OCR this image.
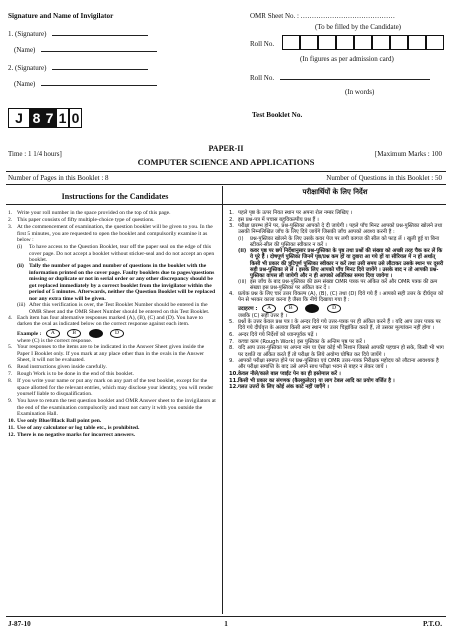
Signature and Name of Invigilator
1. (Signature)
(Name)
2. (Signature)
(Name)
OMR Sheet No. : ..........................................
(To be filled by the Candidate)
Roll No.
(In figures as per admission card)
Roll No.
(In words)
J 8 7 1 0	Test Booklet No.
Time : 1 1/4 hours]
PAPER-II
[Maximum Marks : 100
COMPUTER SCIENCE AND APPLICATIONS
Number of Pages in this Booklet : 8	Number of Questions in this Booklet : 50
Instructions for the Candidates	परीक्षार्थियों के लिए निर्देश
1. Write your roll number in the space provided on the top of this page.
2. This paper consists of fifty multiple-choice type of questions.
3. At the commencement of examination, the question booklet will be given to you. In the first 5 minutes, you are requested to open the booklet and compulsorily examine it as below :
(i)	To have access to the Question Booklet, tear off the paper seal on the edge of this cover page. Do not accept a booklet without sticker-seal and do not accept an open booklet.
(ii) Tally the number of pages and number of questions in the booklet with the information printed on the cover page. Faulty booklets due to pages/questions missing or duplicate or not in serial order or any other discrepancy should be got replaced immediately by a correct booklet from the invigilator within the period of 5 minutes. Afterwards, neither the Question Booklet will be replaced nor any extra time will be given.
(iii) After this verification is over, the Test Booklet Number should be entered in the OMR Sheet and the OMR Sheet Number should be entered on this Test Booklet.
4. Each item has four alternative responses marked (A), (B), (C) and (D). You have to darken the oval as indicated below on the correct response against each item.
Example : A	B	D
where (C) is the correct response.
5. Your responses to the items are to be indicated in the Answer Sheet given inside the Paper I Booklet only. If you mark at any place other than in the ovals in the Answer Sheet, it will not be evaluated.
6. Read instructions given inside carefully.
7. Rough Work is to be done in the end of this booklet.
8. If you write your name or put any mark on any part of the test booklet, except for the space allotted for the relevant entries, which may disclose your identity, you will render yourself liable to disqualification.
9. You have to return the test question booklet and OMR Answer sheet to the invigilators at the end of the examination compulsorily and must not carry it with you outside the Examination Hall.
10. Use only Blue/Black Ball point pen.
11. Use of any calculator or log table etc., is prohibited.
12. There is no negative marks for incorrect answers.
1. पहले पृष्ठ के ऊपर नियत स्थान पर अपना रोल नम्बर लिखिए ।
2. इस प्रश्न-पत्र में पचास बहुविकल्पीय प्रश्न हैं ।
3. परीक्षा प्रारम्भ होने पर, प्रश्न-पुस्तिका आपको दे दी जायेगी । पहले पाँच मिनट आपको प्रश्न-पुस्तिका खोलने तथा उसकी निम्नलिखित जाँच के लिए दिये जायेंगे जिसकी जाँच आपको अवश्य करनी है :
(i)	प्रश्न-पुस्तिका खोलने के लिए उसके कवर पेज पर लगी कागज की सील को फाड़ लें । खुली हुई या बिना स्टीकर-सील की पुस्तिका स्वीकार न करें ।
(ii) कवर पृष्ठ पर छपे निर्देशानुसार प्रश्न-पुस्तिका के पृष्ठ तथा प्रश्नों की संख्या को अच्छी तरह चैक कर लें कि ये पूरे हैं । दोषपूर्ण पुस्तिका जिनमें पृष्ठ/प्रश्न कम हों या दुबारा आ गये हों या सीरियल में न हों अर्थात् किसी भी प्रकार की त्रुटिपूर्ण पुस्तिका स्वीकार न करें तथा उसी समय उसे लौटाकर उसके स्थान पर दूसरी सही प्रश्न-पुस्तिका ले लें । इसके लिए आपको पाँच मिनट दिये जायेंगे । उसके बाद न तो आपकी प्रश्न-पुस्तिका वापस ली जायेगी और न ही आपको अतिरिक्त समय दिया जायेगा ।
(iii) इस जाँच के बाद प्रश्न-पुस्तिका की क्रम संख्या OMR पत्रक पर अंकित करें और OMR पत्रक की क्रम संख्या इस प्रश्न-पुस्तिका पर अंकित कर दें ।
4. प्रत्येक प्रश्न के लिए चार उत्तर विकल्प (A), (B), (C) तथा (D) दिये गये हैं । आपको सही उत्तर के दीर्घवृत्त को पेन से भरकर काला करना है जैसा कि नीचे दिखाया गया है :
उदाहरण : A	B	D
जबकि (C) सही उत्तर है ।
5. प्रश्नों के उत्तर केवल प्रश्न पत्र I के अन्दर दिये गये उत्तर-पत्रक पर ही अंकित करने हैं । यदि आप उत्तर पत्रक पर दिये गये दीर्घवृत्त के अलावा किसी अन्य स्थान पर उत्तर चिह्नांकित करते हैं, तो उसका मूल्यांकन नहीं होगा ।
6. अन्दर दिये गये निर्देशों को ध्यानपूर्वक पढ़ें ।
7. कच्चा काम (Rough Work) इस पुस्तिका के अन्तिम पृष्ठ पर करें ।
8. यदि आप उत्तर-पुस्तिका पर अपना नाम या ऐसा कोई भी निशान जिससे आपकी पहचान हो सके, किसी भी भाग पर दर्शाते या अंकित करते हैं तो परीक्षा के लिये अयोग्य घोषित कर दिये जायेंगे ।
9. आपको परीक्षा समाप्त होने पर प्रश्न-पुस्तिका एवं OMR उत्तर-पत्रक निरीक्षक महोदय को लौटाना आवश्यक है और परीक्षा समाप्ति के बाद उसे अपने साथ परीक्षा भवन से बाहर न लेकर जायें ।
10. केवल नीले/काले बाल प्वाईंट पेन का ही इस्तेमाल करें ।
11. किसी भी प्रकार का संगणक (कैलकुलेटर) या लाग टेबल आदि का प्रयोग वर्जित है ।
12. गलत उत्तरों के लिए कोई अंक काटे नहीं जाएँगे ।
J-87-10	1	P.T.O.
